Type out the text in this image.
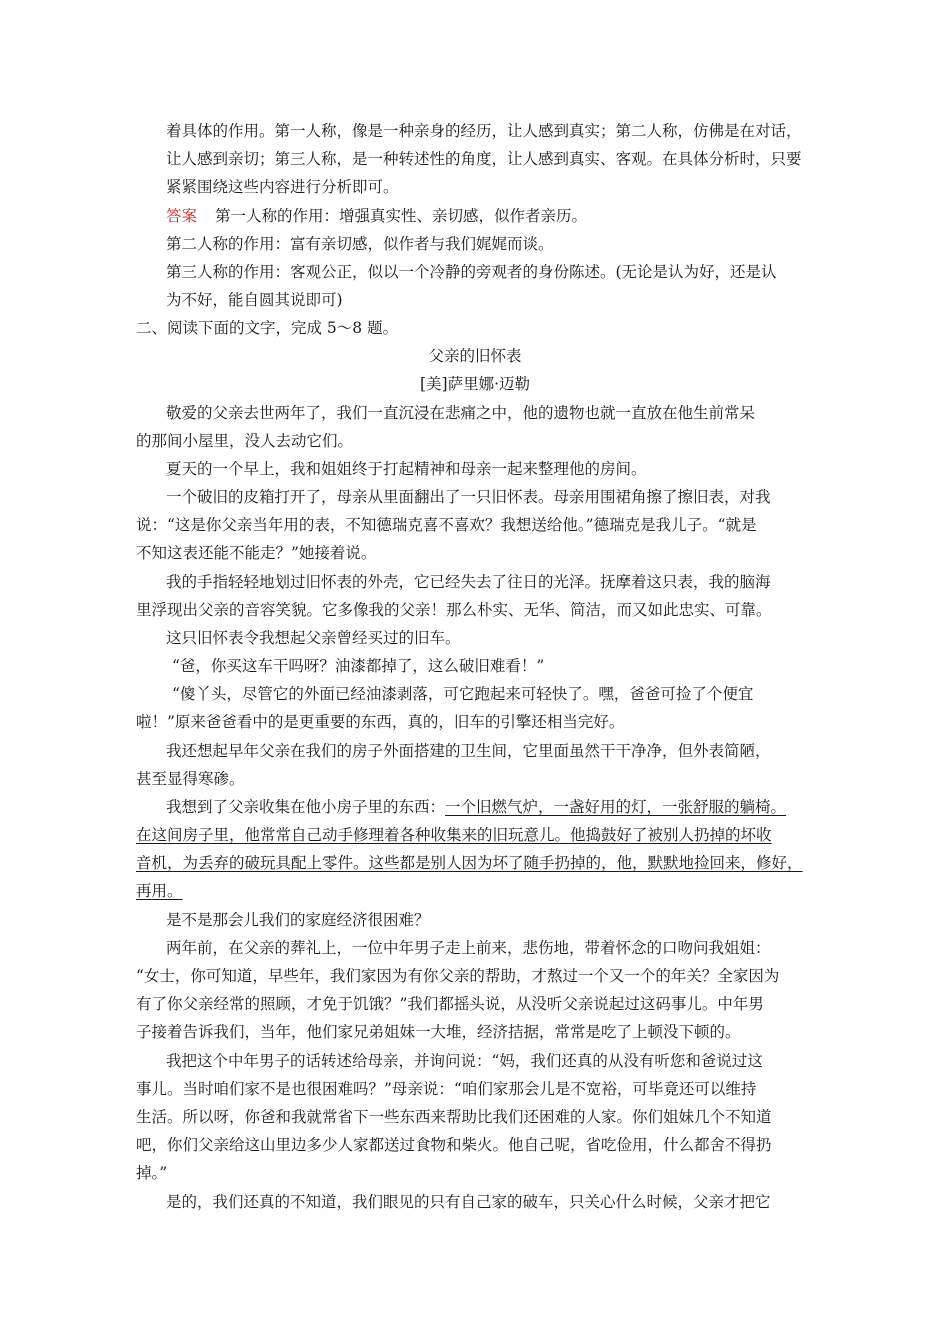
着具体的作用。第一人称，像是一种亲身的经历，让人感到真实；第二人称，仿佛是在对话，
让人感到亲切；第三人称，是一种转述性的角度，让人感到真实、客观。在具体分析时，只要
紧紧围绕这些内容进行分析即可。
答案 第一人称的作用：增强真实性、亲切感，似作者亲历。
第二人称的作用：富有亲切感，似作者与我们娓娓而谈。
第三人称的作用：客观公正，似以一个冷静的旁观者的身份陈述。(无论是认为好，还是认
为不好，能自圆其说即可)
二、阅读下面的文字，完成 5～8 题。
父亲的旧怀表
[美]萨里娜·迈勒
敬爱的父亲去世两年了，我们一直沉浸在悲痛之中，他的遗物也就一直放在他生前常呆
的那间小屋里，没人去动它们。
夏天的一个早上，我和姐姐终于打起精神和母亲一起来整理他的房间。
一个破旧的皮箱打开了，母亲从里面翻出了一只旧怀表。母亲用围裙角擦了擦旧表，对我
说：“这是你父亲当年用的表，不知德瑞克喜不喜欢？我想送给他。”德瑞克是我儿子。“就是
不知这表还能不能走？”她接着说。
我的手指轻轻地划过旧怀表的外壳，它已经失去了往日的光泽。抚摩着这只表，我的脑海
里浮现出父亲的音容笑貌。它多像我的父亲！那么朴实、无华、简洁，而又如此忠实、可靠。
这只旧怀表令我想起父亲曾经买过的旧车。
“爸，你买这车干吗呀？油漆都掉了，这么破旧难看！”
“傻丫头，尽管它的外面已经油漆剥落，可它跑起来可轻快了。嘿，爸爸可捡了个便宜
啦！”原来爸爸看中的是更重要的东西，真的，旧车的引擎还相当完好。
我还想起早年父亲在我们的房子外面搭建的卫生间，它里面虽然干干净净，但外表简陋，
甚至显得寒碜。
我想到了父亲收集在他小房子里的东西：一个旧燃气炉，一盏好用的灯，一张舒服的躺椅。
在这间房子里，他常常自己动手修理着各种收集来的旧玩意儿。他捣鼓好了被别人扔掉的坏收
音机，为丢弃的破玩具配上零件。这些都是别人因为坏了随手扔掉的，他，默默地捡回来，修好，
再用。
是不是那会儿我们的家庭经济很困难？
两年前，在父亲的葬礼上，一位中年男子走上前来，悲伤地，带着怀念的口吻问我姐姐：
“女士，你可知道，早些年，我们家因为有你父亲的帮助，才熬过一个又一个的年关？全家因为
有了你父亲经常的照顾，才免于饥饿？”我们都摇头说，从没听父亲说起过这码事儿。中年男
子接着告诉我们，当年，他们家兄弟姐妹一大堆，经济拮据，常常是吃了上顿没下顿的。
我把这个中年男子的话转述给母亲，并询问说：“妈，我们还真的从没有听您和爸说过这
事儿。当时咱们家不是也很困难吗？”母亲说：“咱们家那会儿是不宽裕，可毕竟还可以维持
生活。所以呀，你爸和我就常省下一些东西来帮助比我们还困难的人家。你们姐妹几个不知道
吧，你们父亲给这山里边多少人家都送过食物和柴火。他自己呢，省吃俭用，什么都舍不得扔
掉。”
是的，我们还真的不知道，我们眼见的只有自己家的破车，只关心什么时候，父亲才把它
